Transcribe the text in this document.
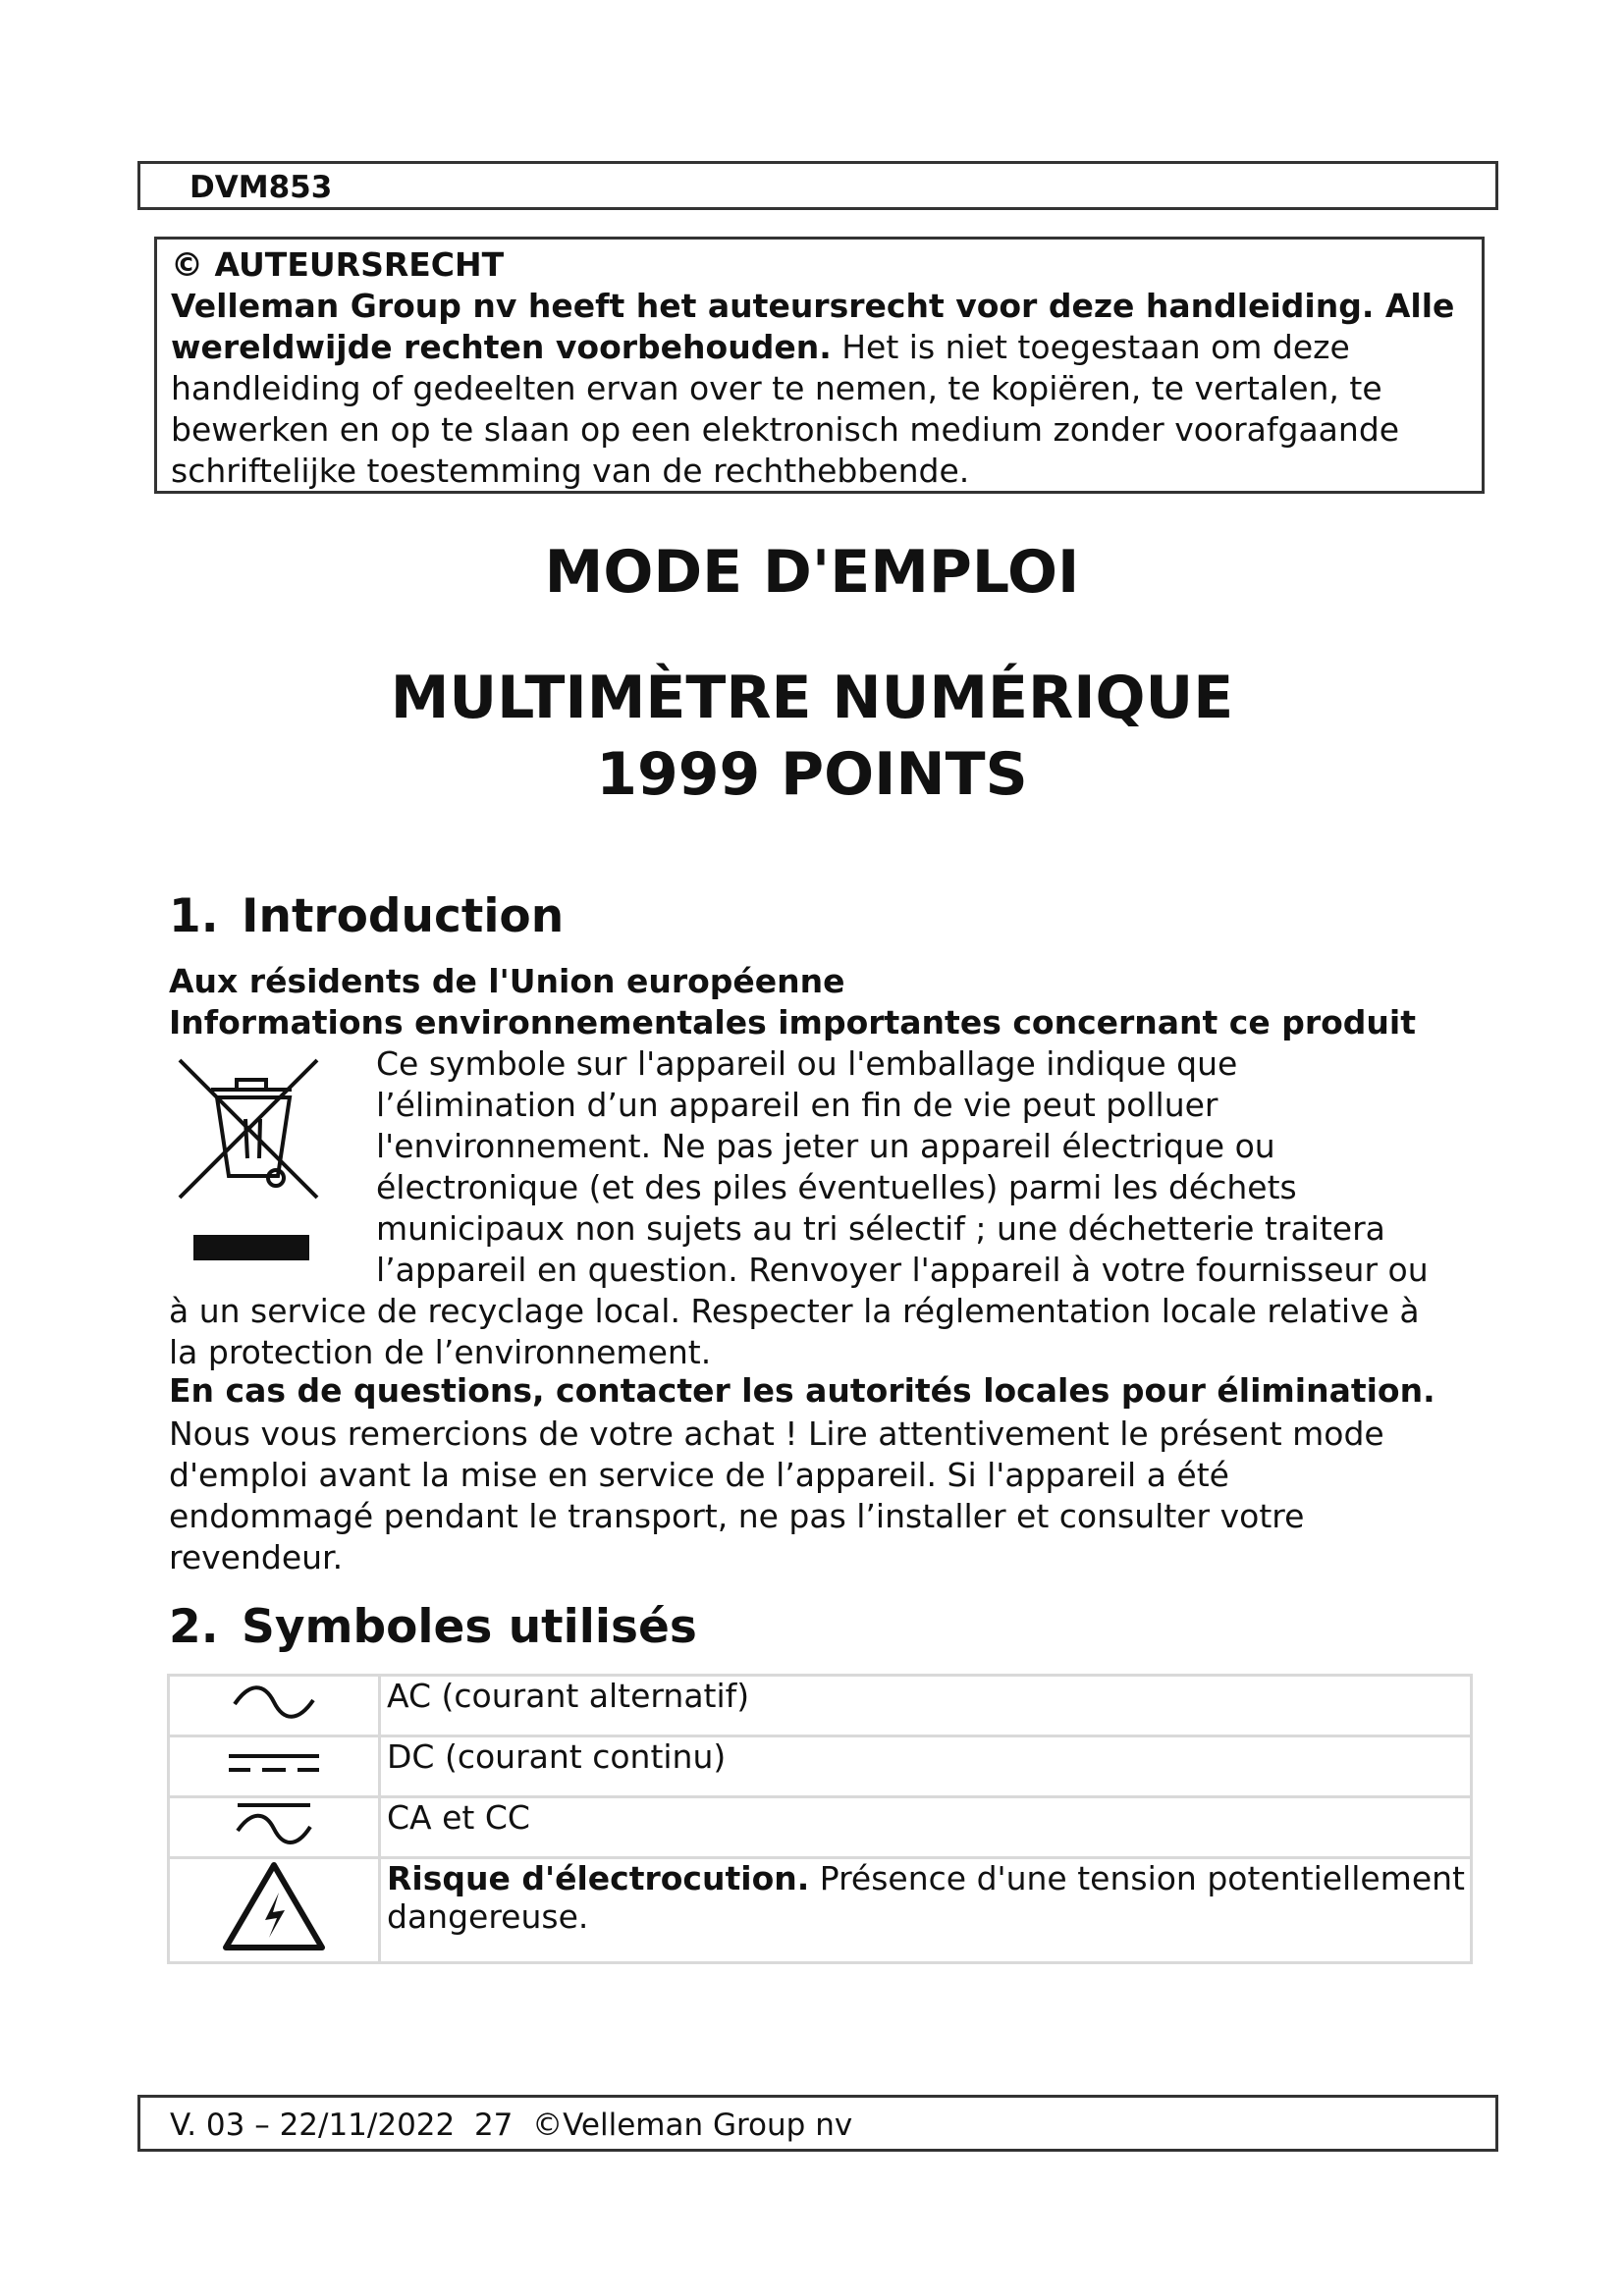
DVM853

© AUTEURSRECHT

Velleman Group nv heeft het auteursrecht voor deze handleiding. Alle wereldwijde rechten voorbehouden. Het is niet toegestaan om deze handleiding of gedeelten ervan over te nemen, te kopiëren, te vertalen, te bewerken en op te slaan op een elektronisch medium zonder voorafgaande schriftelijke toestemming van de rechthebbende.

MODE D'EMPLOI
MULTIMÈTRE NUMÉRIQUE
1999 POINTS
1. Introduction
Aux résidents de l'Union européenne
Informations environnementales importantes concernant ce produit
Ce symbole sur l'appareil ou l'emballage indique que
l’élimination d’un appareil en fin de vie peut polluer
l'environnement. Ne pas jeter un appareil électrique ou
électronique (et des piles éventuelles) parmi les déchets
municipaux non sujets au tri sélectif ; une déchetterie traitera
l’appareil en question. Renvoyer l'appareil à votre fournisseur ou
à un service de recyclage local. Respecter la réglementation locale relative à
la protection de l’environnement.
En cas de questions, contacter les autorités locales pour élimination.
Nous vous remercions de votre achat ! Lire attentivement le présent mode
d'emploi avant la mise en service de l’appareil. Si l'appareil a été
endommagé pendant le transport, ne pas l’installer et consulter votre
revendeur.
2. Symboles utilisés
	AC (courant alternatif)
	DC (courant continu)
	CA et CC
	Risque d'électrocution. Présence d'une tension potentiellement dangereuse.
V. 03 – 22/11/2022  27  ©Velleman Group nv
